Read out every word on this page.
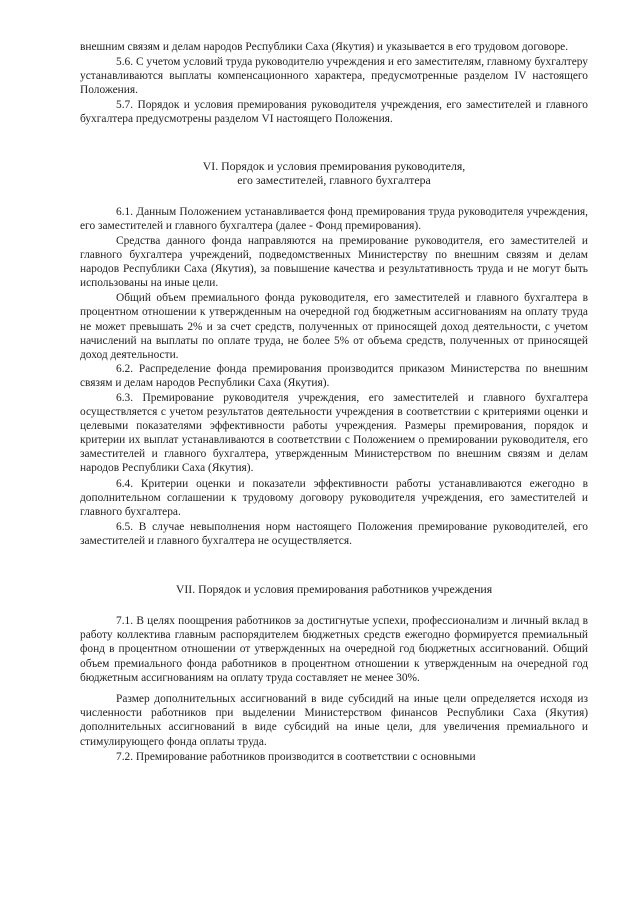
внешним связям и делам народов Республики Саха (Якутия) и указывается в его трудовом договоре.

5.6. С учетом условий труда руководителю учреждения и его заместителям, главному бухгалтеру устанавливаются выплаты компенсационного характера, предусмотренные разделом IV настоящего Положения.

5.7. Порядок и условия премирования руководителя учреждения, его заместителей и главного бухгалтера предусмотрены разделом VI настоящего Положения.

VI. Порядок и условия премирования руководителя,
его заместителей, главного бухгалтера

6.1. Данным Положением устанавливается фонд премирования труда руководителя учреждения, его заместителей и главного бухгалтера (далее - Фонд премирования).

Средства данного фонда направляются на премирование руководителя, его заместителей и главного бухгалтера учреждений, подведомственных Министерству по внешним связям и делам народов Республики Саха (Якутия), за повышение качества и результативность труда и не могут быть использованы на иные цели.

Общий объем премиального фонда руководителя, его заместителей и главного бухгалтера в процентном отношении к утвержденным на очередной год бюджетным ассигнованиям на оплату труда не может превышать 2% и за счет средств, полученных от приносящей доход деятельности, с учетом начислений на выплаты по оплате труда, не более 5% от объема средств, полученных от приносящей доход деятельности.

6.2. Распределение фонда премирования производится приказом Министерства по внешним связям и делам народов Республики Саха (Якутия).

6.3. Премирование руководителя учреждения, его заместителей и главного бухгалтера осуществляется с учетом результатов деятельности учреждения в соответствии с критериями оценки и целевыми показателями эффективности работы учреждения. Размеры премирования, порядок и критерии их выплат устанавливаются в соответствии с Положением о премировании руководителя, его заместителей и главного бухгалтера, утвержденным Министерством по внешним связям и делам народов Республики Саха (Якутия).

6.4. Критерии оценки и показатели эффективности работы устанавливаются ежегодно в дополнительном соглашении к трудовому договору руководителя учреждения, его заместителей и главного бухгалтера.

6.5. В случае невыполнения норм настоящего Положения премирование руководителей, его заместителей и главного бухгалтера не осуществляется.

VII. Порядок и условия премирования работников учреждения

7.1. В целях поощрения работников за достигнутые успехи, профессионализм и личный вклад в работу коллектива главным распорядителем бюджетных средств ежегодно формируется премиальный фонд в процентном отношении от утвержденных на очередной год бюджетных ассигнований. Общий объем премиального фонда работников в процентном отношении к утвержденным на очередной год бюджетным ассигнованиям на оплату труда составляет не менее 30%.

Размер дополнительных ассигнований в виде субсидий на иные цели определяется исходя из численности работников при выделении Министерством финансов Республики Саха (Якутия) дополнительных ассигнований в виде субсидий на иные цели, для увеличения премиального и стимулирующего фонда оплаты труда.

7.2. Премирование работников производится в соответствии с основными
